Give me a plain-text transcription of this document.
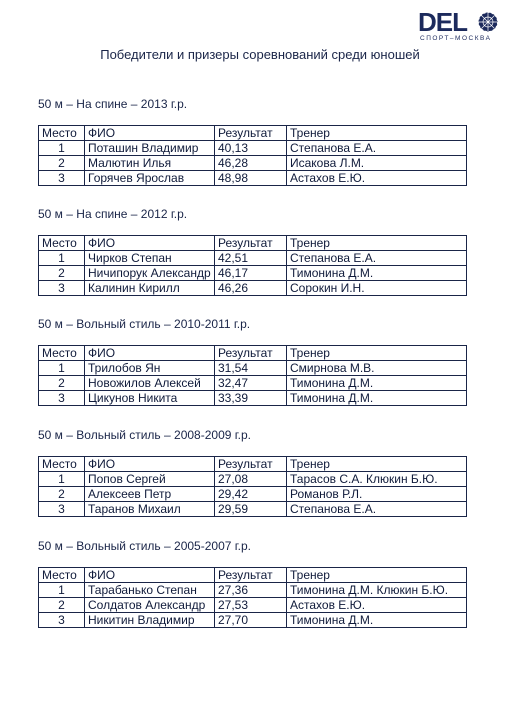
DEL
СПОРТ–МОСКВА
Победители и призеры соревнований среди юношей
50 м – На спине – 2013 г.р.
Место	ФИО	Результат	Тренер
1	Поташин Владимир	40,13	Степанова Е.А.
2	Малютин Илья	46,28	Исакова Л.М.
3	Горячев Ярослав	48,98	Астахов Е.Ю.
50 м – На спине – 2012 г.р.
Место	ФИО	Результат	Тренер
1	Чирков Степан	42,51	Степанова Е.А.
2	Ничипорук Александр	46,17	Тимонина Д.М.
3	Калинин Кирилл	46,26	Сорокин И.Н.
50 м – Вольный стиль – 2010-2011 г.р.
Место	ФИО	Результат	Тренер
1	Трилобов Ян	31,54	Смирнова М.В.
2	Новожилов Алексей	32,47	Тимонина Д.М.
3	Цикунов Никита	33,39	Тимонина Д.М.
50 м – Вольный стиль – 2008-2009 г.р.
Место	ФИО	Результат	Тренер
1	Попов Сергей	27,08	Тарасов С.А. Клюкин Б.Ю.
2	Алексеев Петр	29,42	Романов Р.Л.
3	Таранов Михаил	29,59	Степанова Е.А.
50 м – Вольный стиль – 2005-2007 г.р.
Место	ФИО	Результат	Тренер
1	Тарабанько Степан	27,36	Тимонина Д.М. Клюкин Б.Ю.
2	Солдатов Александр	27,53	Астахов Е.Ю.
3	Никитин Владимир	27,70	Тимонина Д.М.
